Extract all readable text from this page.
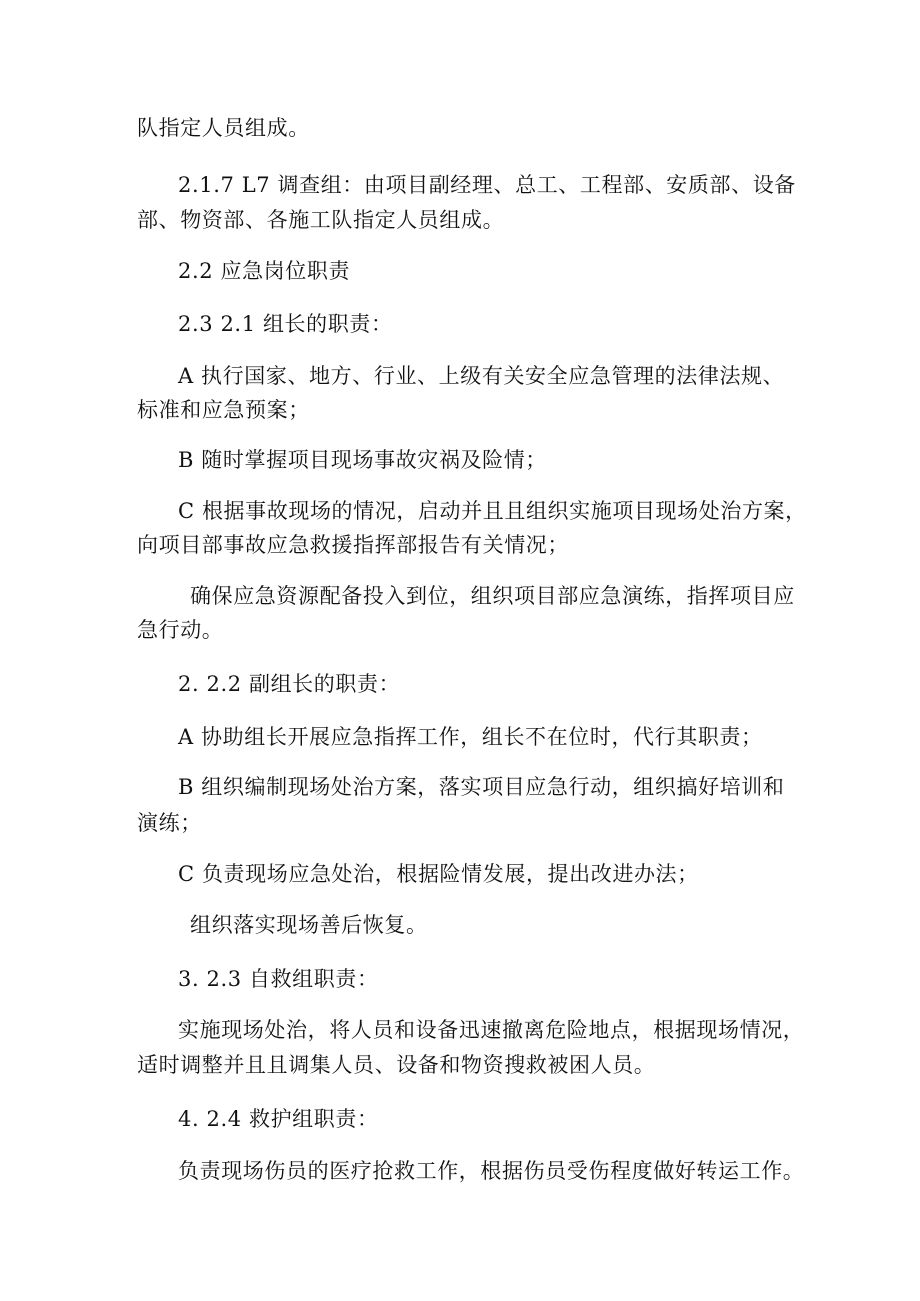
队指定人员组成。
2.1.7 L7 调查组：由项目副经理、总工、工程部、安质部、设备
部、物资部、各施工队指定人员组成。
2.2 应急岗位职责
2.3 2.1 组长的职责：
A 执行国家、地方、行业、上级有关安全应急管理的法律法规、
标准和应急预案；
B 随时掌握项目现场事故灾祸及险情；
C 根据事故现场的情况，启动并且且组织实施项目现场处治方案，
向项目部事故应急救援指挥部报告有关情况；
确保应急资源配备投入到位，组织项目部应急演练，指挥项目应
急行动。
2. 2.2 副组长的职责：
A 协助组长开展应急指挥工作，组长不在位时，代行其职责；
B 组织编制现场处治方案，落实项目应急行动，组织搞好培训和
演练；
C 负责现场应急处治，根据险情发展，提出改进办法；
组织落实现场善后恢复。
3. 2.3 自救组职责：
实施现场处治，将人员和设备迅速撤离危险地点，根据现场情况，
适时调整并且且调集人员、设备和物资搜救被困人员。
4. 2.4 救护组职责：
负责现场伤员的医疗抢救工作，根据伤员受伤程度做好转运工作。
